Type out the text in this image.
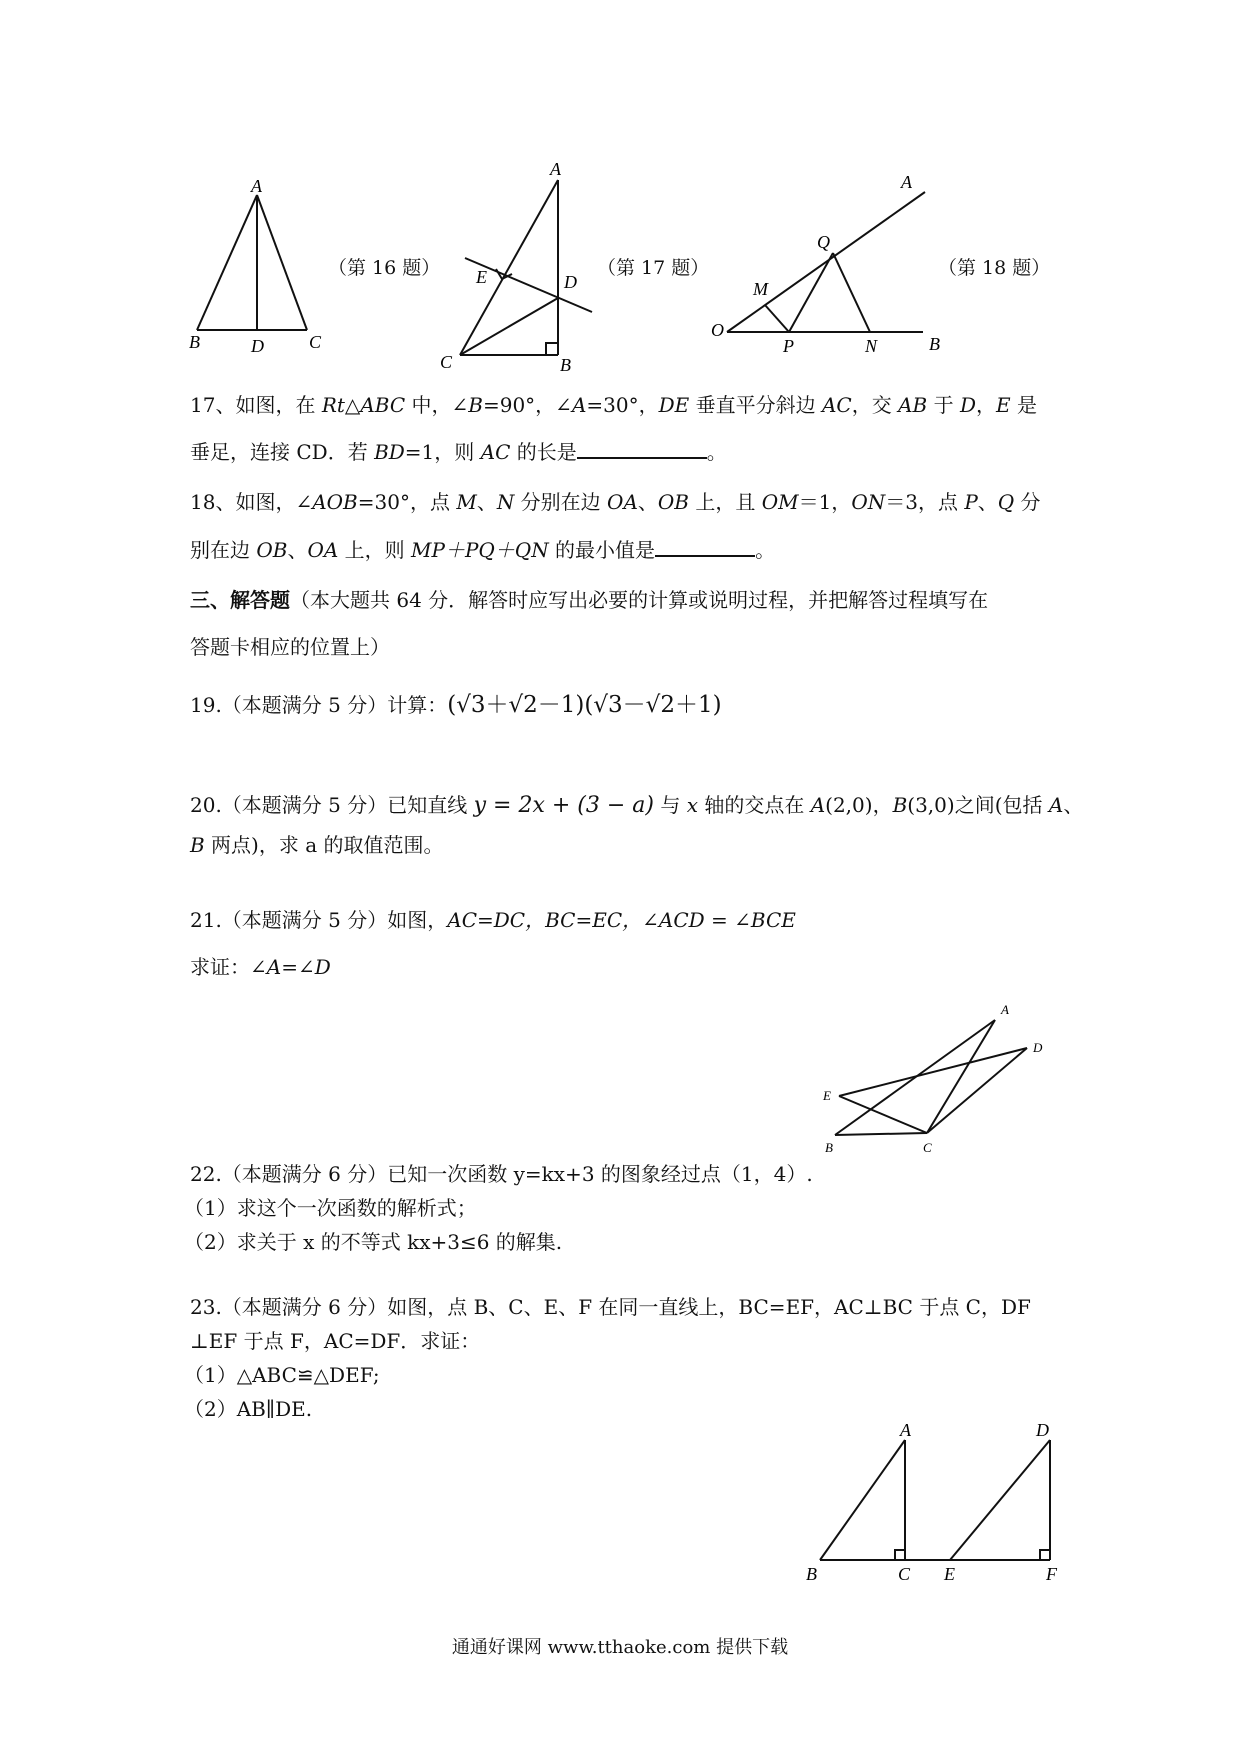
A
B	D	C
（第 16 题）
A
E	D
C	B
（第 17 题）
A
Q
M
O
P	N	B
（第 18 题）
17、如图，在 Rt△ABC 中，∠B=90°，∠A=30°，DE 垂直平分斜边 AC，交 AB 于 D，E 是
垂足，连接 CD．若 BD=1，则 AC 的长是	。
18、如图，∠AOB=30°，点 M、N 分别在边 OA、OB 上，且 OM＝1，ON＝3，点 P、Q 分
别在边 OB、OA 上，则 MP＋PQ＋QN 的最小值是	。
三、解答题（本大题共 64 分．解答时应写出必要的计算或说明过程，并把解答过程填写在
答题卡相应的位置上）
19.（本题满分 5 分）计算：(√3＋√2－1)(√3－√2＋1)
20.（本题满分 5 分）已知直线 y = 2x + (3 − a) 与 x 轴的交点在 A(2,0)，B(3,0)之间(包括 A、
B 两点)，求 a 的取值范围。
21.（本题满分 5 分）如图，AC=DC，BC=EC，∠ACD = ∠BCE
求证：∠A=∠D
A
D
E
B	C
22.（本题满分 6 分）已知一次函数 y=kx+3 的图象经过点（1，4）.
（1）求这个一次函数的解析式；
（2）求关于 x 的不等式 kx+3≤6 的解集.
23.（本题满分 6 分）如图，点 B、C、E、F 在同一直线上，BC=EF，AC⊥BC 于点 C，DF
⊥EF 于点 F，AC=DF．求证：
（1）△ABC≌△DEF;
（2）AB∥DE.
A	D
B	C E	F
通通好课网 www.tthaoke.com 提供下载
